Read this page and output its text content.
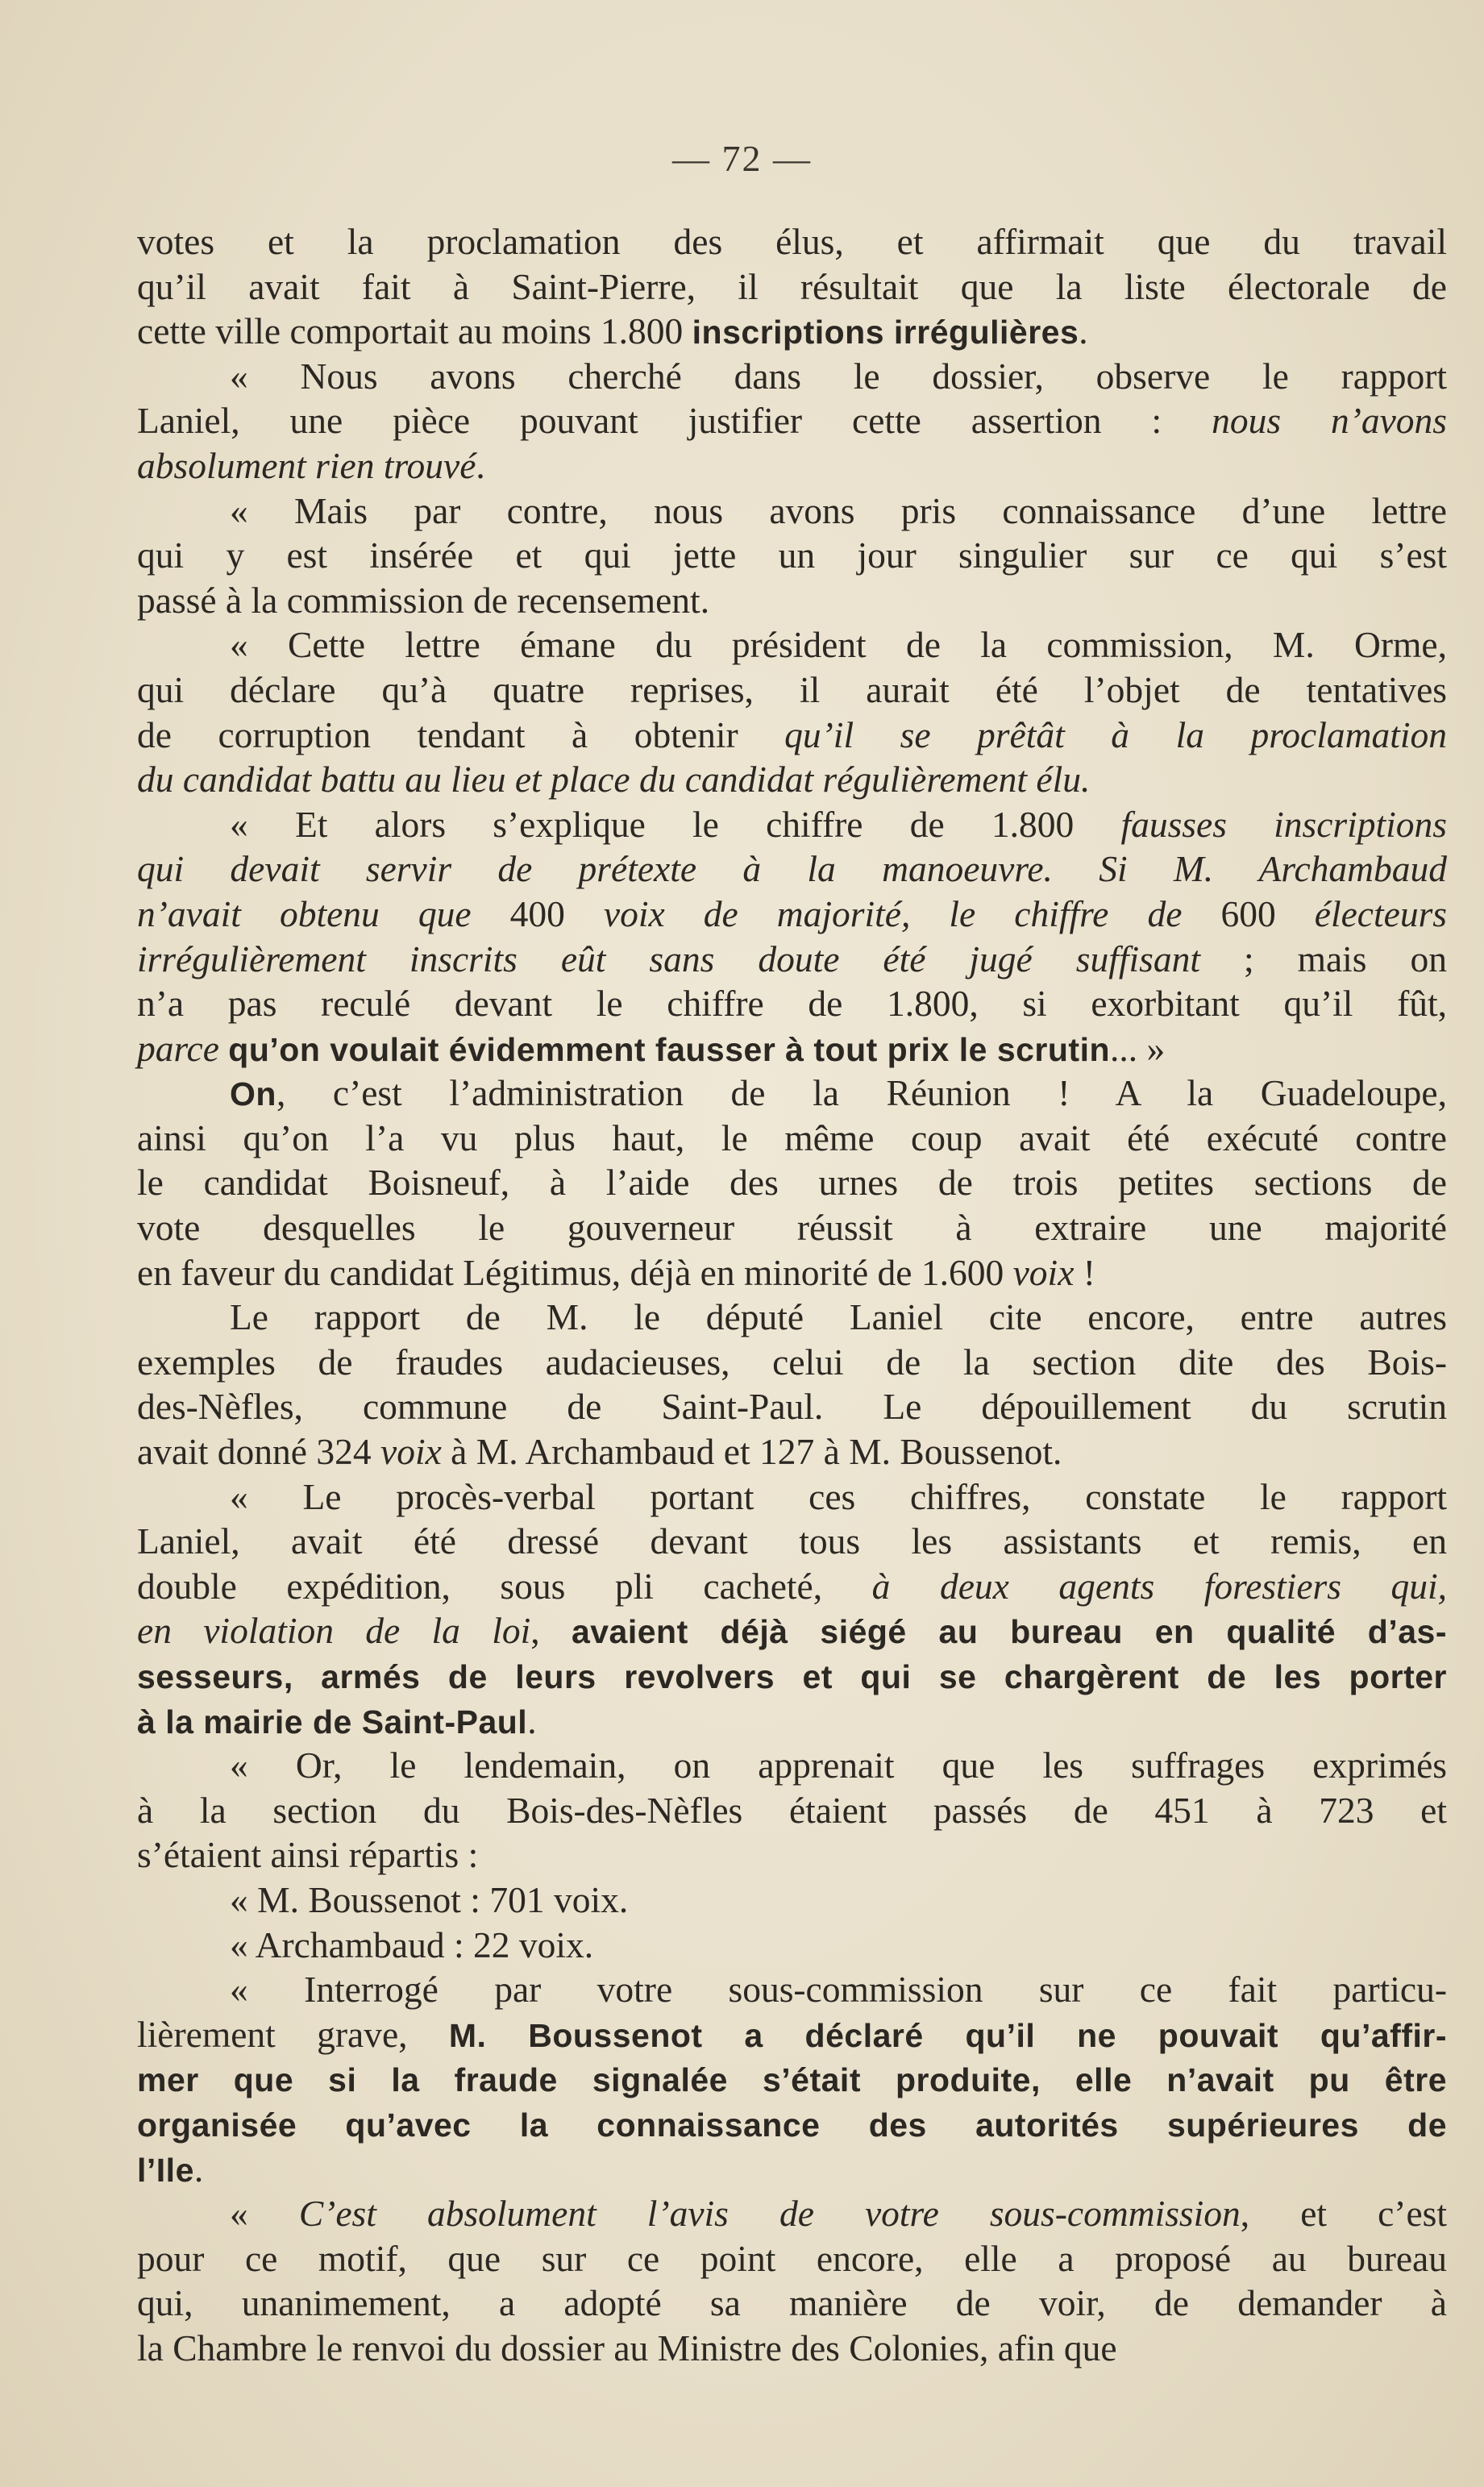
— 72 —
votes et la proclamation des élus, et affirmait que du travail
qu’il avait fait à Saint-Pierre, il résultait que la liste électorale de
cette ville comportait au moins 1.800 inscriptions irrégulières.
« Nous avons cherché dans le dossier, observe le rapport
Laniel, une pièce pouvant justifier cette assertion : nous n’avons
absolument rien trouvé.
« Mais par contre, nous avons pris connaissance d’une lettre
qui y est insérée et qui jette un jour singulier sur ce qui s’est
passé à la commission de recensement.
« Cette lettre émane du président de la commission, M. Orme,
qui déclare qu’à quatre reprises, il aurait été l’objet de tentatives
de corruption tendant à obtenir qu’il se prêtât à la proclamation
du candidat battu au lieu et place du candidat régulièrement élu.
« Et alors s’explique le chiffre de 1.800 fausses inscriptions
qui devait servir de prétexte à la manoeuvre. Si M. Archambaud
n’avait obtenu que 400 voix de majorité, le chiffre de 600 électeurs
irrégulièrement inscrits eût sans doute été jugé suffisant ; mais on
n’a pas reculé devant le chiffre de 1.800, si exorbitant qu’il fût,
parce qu’on voulait évidemment fausser à tout prix le scrutin... »
On, c’est l’administration de la Réunion ! A la Guadeloupe,
ainsi qu’on l’a vu plus haut, le même coup avait été exécuté contre
le candidat Boisneuf, à l’aide des urnes de trois petites sections de
vote desquelles le gouverneur réussit à extraire une majorité
en faveur du candidat Légitimus, déjà en minorité de 1.600 voix !
Le rapport de M. le député Laniel cite encore, entre autres
exemples de fraudes audacieuses, celui de la section dite des Bois-
des-Nèfles, commune de Saint-Paul. Le dépouillement du scrutin
avait donné 324 voix à M. Archambaud et 127 à M. Boussenot.
« Le procès-verbal portant ces chiffres, constate le rapport
Laniel, avait été dressé devant tous les assistants et remis, en
double expédition, sous pli cacheté, à deux agents forestiers qui,
en violation de la loi, avaient déjà siégé au bureau en qualité d’as-
sesseurs, armés de leurs revolvers et qui se chargèrent de les porter
à la mairie de Saint-Paul.
« Or, le lendemain, on apprenait que les suffrages exprimés
à la section du Bois-des-Nèfles étaient passés de 451 à 723 et
s’étaient ainsi répartis :
« M. Boussenot : 701 voix.
« Archambaud : 22 voix.
« Interrogé par votre sous-commission sur ce fait particu-
lièrement grave, M. Boussenot a déclaré qu’il ne pouvait qu’affir-
mer que si la fraude signalée s’était produite, elle n’avait pu être
organisée qu’avec la connaissance des autorités supérieures de
l’Ile.
« C’est absolument l’avis de votre sous-commission, et c’est
pour ce motif, que sur ce point encore, elle a proposé au bureau
qui, unanimement, a adopté sa manière de voir, de demander à
la Chambre le renvoi du dossier au Ministre des Colonies, afin que
